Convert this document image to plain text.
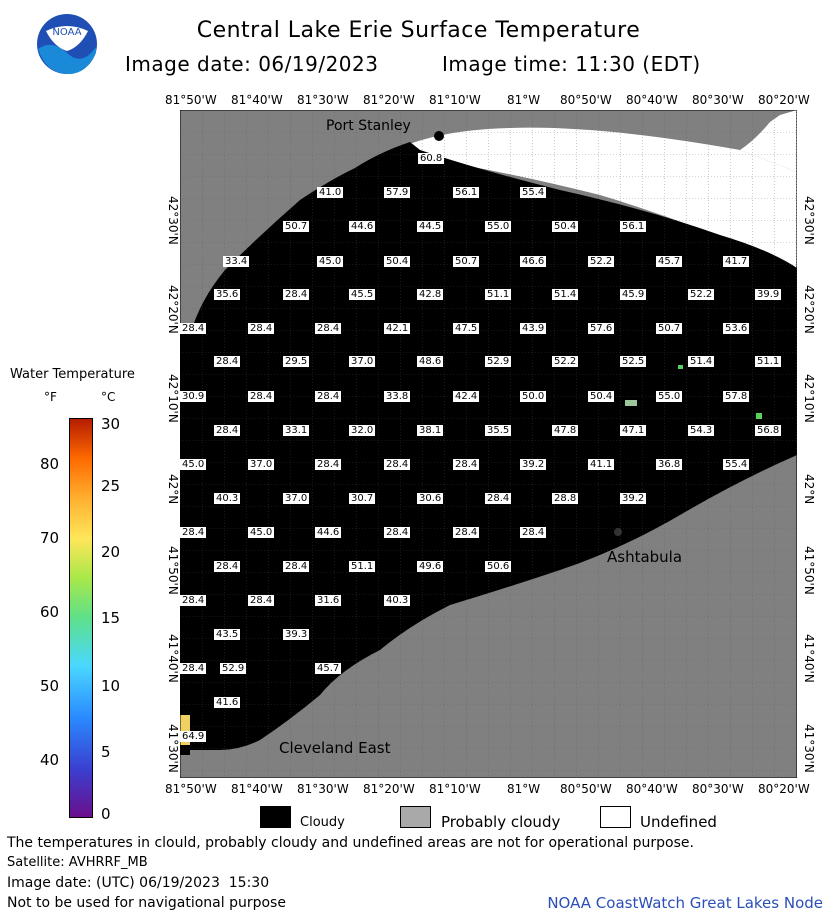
NOAA	Central Lake Erie Surface Temperature
Image date: 06/19/2023	Image time: 11:30 (EDT)
81°50'W 81°40'W 81°30'W 81°20'W 81°10'W 81°W 80°50'W 80°40'W 80°30'W 80°20'W
81°50'W 81°40'W 81°30'W 81°20'W 81°10'W 81°W 80°50'W 80°40'W 80°30'W 80°20'W
42°30'N
42°20'N
42°10'N
42°N
41°50'N
41°40'N
41°30'N
42°30'N
42°20'N
42°10'N
42°N
41°50'N
41°40'N
41°30'N
Port Stanley
Ashtabula
Cleveland East
60.8
41.0	57.9	56.1	55.4
50.7	44.6	44.5	55.0	50.4	56.1
33.4	45.0	50.4	50.7	46.6	52.2	45.7	41.7
35.6	28.4	45.5	42.8	51.1	51.4	45.9	52.2	39.9
28.4	28.4	28.4	42.1	47.5	43.9	57.6	50.7	53.6
28.4	29.5	37.0	48.6	52.9	52.2	52.5	51.4	51.1
30.9	28.4	28.4	33.8	42.4	50.0	50.4	55.0	57.8
28.4	33.1	32.0	38.1	35.5	47.8	47.1	54.3	56.8
45.0	37.0	28.4	28.4	28.4	39.2	41.1	36.8	55.4
40.3	37.0	30.7	30.6	28.4	28.8	39.2
28.4	45.0	44.6	28.4	28.4	28.4
28.4	28.4	51.1	49.6	50.6
28.4	28.4	31.6	40.3
43.5	39.3
28.4 52.9	45.7
41.6
64.9
Water Temperature
°F	°C
80
70
60
50
40
30
25
20
15
10
5
0	Cloudy	Probably cloudy	Undefined
The temperatures in clould, probably cloudy and undefined areas are not for operational purpose.
Satellite: AVHRRF_MB
Image date: (UTC) 06/19/2023  15:30
Not to be used for navigational purpose	NOAA CoastWatch Great Lakes Node
